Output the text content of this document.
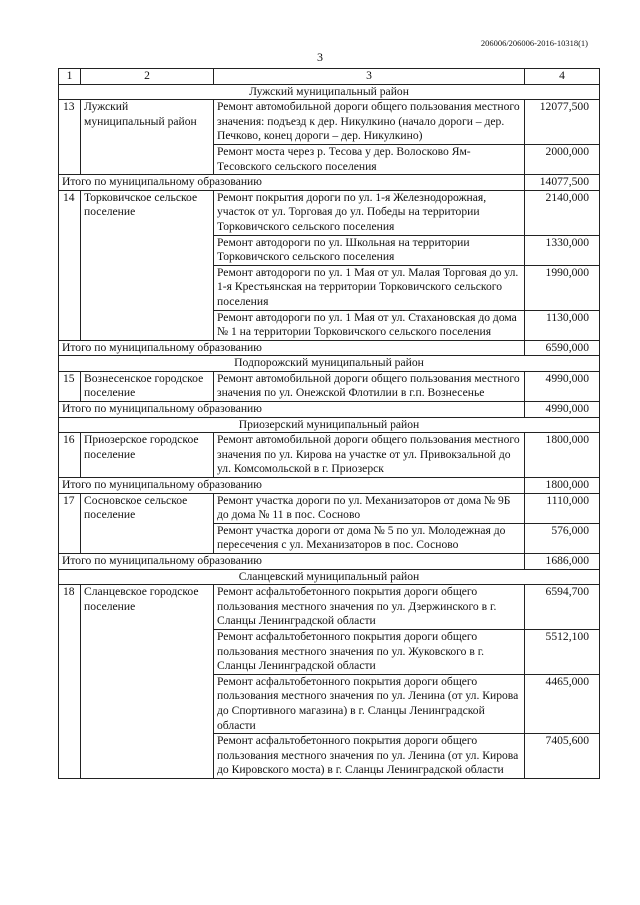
206006/206006-2016-10318(1)
3
1	2	3	4
Лужский муниципальный район			
13	Лужский муниципальный район	Ремонт автомобильной дороги общего пользования местного значения: подъезд к дер. Никулкино (начало дороги – дер. Печково, конец дороги – дер. Никулкино)	12077,500
		Ремонт моста через р. Тесова у дер. Волосково Ям-Тесовского сельского поселения	2000,000
Итого по муниципальному образованию			14077,500
14	Торковичское сельское поселение	Ремонт покрытия дороги по ул. 1-я Железнодорожная, участок от ул. Торговая до ул. Победы на территории Торковичского сельского поселения	2140,000
		Ремонт автодороги по ул. Школьная на территории Торковичского сельского поселения	1330,000
		Ремонт автодороги по ул. 1 Мая от ул. Малая Торговая до ул. 1-я Крестьянская на территории Торковичского сельского поселения	1990,000
		Ремонт автодороги по ул. 1 Мая от ул. Стахановская до дома № 1 на территории Торковичского сельского поселения	1130,000
Итого по муниципальному образованию			6590,000
Подпорожский муниципальный район			
15	Вознесенское городское поселение	Ремонт автомобильной дороги общего пользования местного значения по ул. Онежской Флотилии в г.п. Вознесенье	4990,000
Итого по муниципальному образованию			4990,000
Приозерский муниципальный район			
16	Приозерское городское поселение	Ремонт автомобильной дороги общего пользования местного значения по ул. Кирова на участке от ул. Привокзальной до ул. Комсомольской в г. Приозерск	1800,000
Итого по муниципальному образованию			1800,000
17	Сосновское сельское поселение	Ремонт участка дороги по ул. Механизаторов от дома № 9Б до дома № 11 в пос. Сосново	1110,000
		Ремонт участка дороги от дома № 5 по ул. Молодежная до пересечения с ул. Механизаторов в пос. Сосново	576,000
Итого по муниципальному образованию			1686,000
Сланцевский муниципальный район			
18	Сланцевское городское поселение	Ремонт асфальтобетонного покрытия дороги общего пользования местного значения по ул. Дзержинского в г. Сланцы Ленинградской области	6594,700
		Ремонт асфальтобетонного покрытия дороги общего пользования местного значения по ул. Жуковского в г. Сланцы Ленинградской области	5512,100
		Ремонт асфальтобетонного покрытия дороги общего пользования местного значения по ул. Ленина (от ул. Кирова до Спортивного магазина) в г. Сланцы Ленинградской области	4465,000
		Ремонт асфальтобетонного покрытия дороги общего пользования местного значения по ул. Ленина (от ул. Кирова до Кировского моста) в г. Сланцы Ленинградской области	7405,600
